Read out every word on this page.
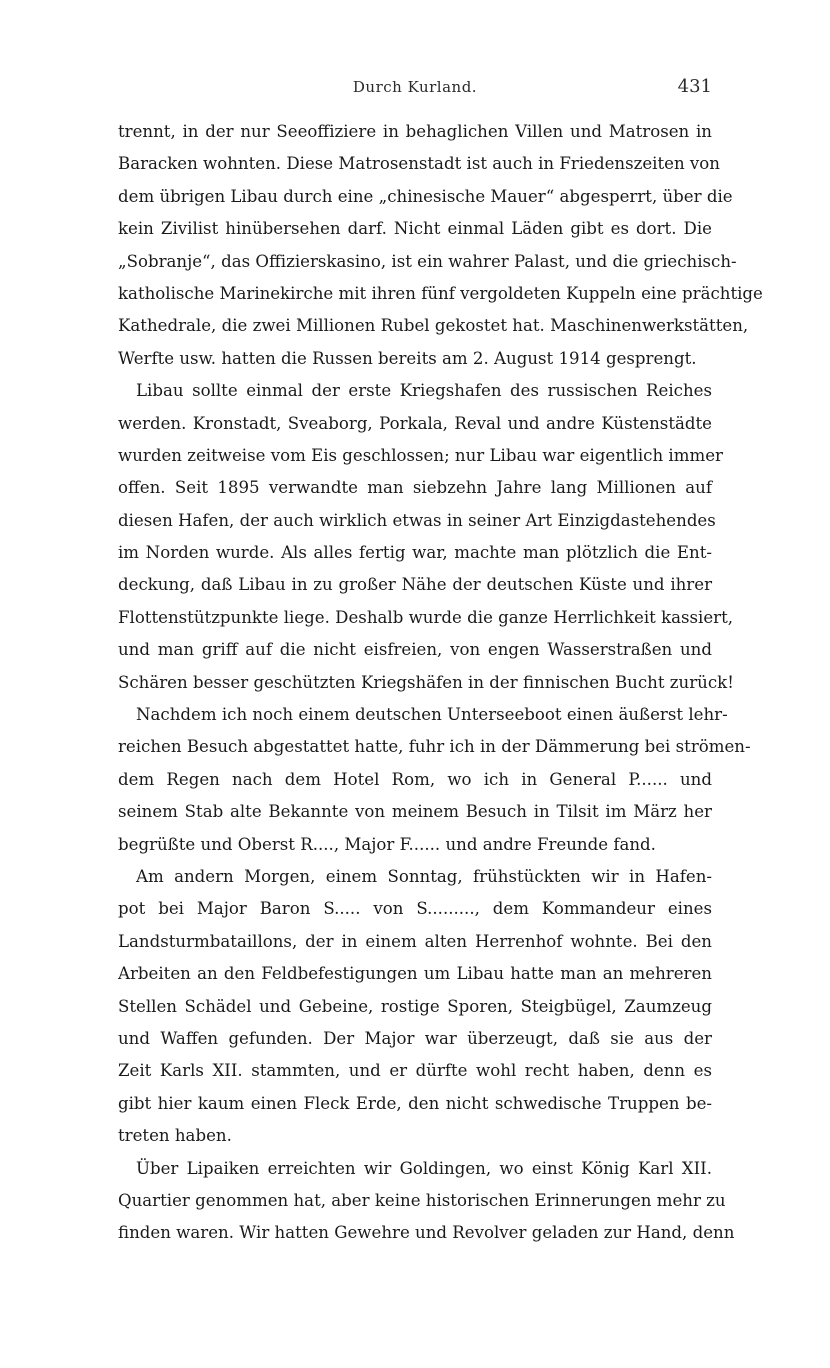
Durch Kurland.	431
trennt, in der nur Seeoffiziere in behaglichen Villen und Matrosen in
Baracken wohnten. Diese Matrosenstadt ist auch in Friedenszeiten von
dem übrigen Libau durch eine „chinesische Mauer“ abgesperrt, über die
kein Zivilist hinübersehen darf. Nicht einmal Läden gibt es dort. Die
„Sobranje“, das Offizierskasino, ist ein wahrer Palast, und die griechisch-
katholische Marinekirche mit ihren fünf vergoldeten Kuppeln eine prächtige
Kathedrale, die zwei Millionen Rubel gekostet hat. Maschinenwerkstätten,
Werfte usw. hatten die Russen bereits am 2. August 1914 gesprengt.
Libau sollte einmal der erste Kriegshafen des russischen Reiches
werden. Kronstadt, Sveaborg, Porkala, Reval und andre Küstenstädte
wurden zeitweise vom Eis geschlossen; nur Libau war eigentlich immer
offen. Seit 1895 verwandte man siebzehn Jahre lang Millionen auf
diesen Hafen, der auch wirklich etwas in seiner Art Einzigdastehendes
im Norden wurde. Als alles fertig war, machte man plötzlich die Ent-
deckung, daß Libau in zu großer Nähe der deutschen Küste und ihrer
Flottenstützpunkte liege. Deshalb wurde die ganze Herrlichkeit kassiert,
und man griff auf die nicht eisfreien, von engen Wasserstraßen und
Schären besser geschützten Kriegshäfen in der finnischen Bucht zurück!
Nachdem ich noch einem deutschen Unterseeboot einen äußerst lehr-
reichen Besuch abgestattet hatte, fuhr ich in der Dämmerung bei strömen-
dem Regen nach dem Hotel Rom, wo ich in General P...... und
seinem Stab alte Bekannte von meinem Besuch in Tilsit im März her
begrüßte und Oberst R...., Major F...... und andre Freunde fand.
Am andern Morgen, einem Sonntag, frühstückten wir in Hafen-
pot bei Major Baron S..... von S........., dem Kommandeur eines
Landsturmbataillons, der in einem alten Herrenhof wohnte. Bei den
Arbeiten an den Feldbefestigungen um Libau hatte man an mehreren
Stellen Schädel und Gebeine, rostige Sporen, Steigbügel, Zaumzeug
und Waffen gefunden. Der Major war überzeugt, daß sie aus der
Zeit Karls XII. stammten, und er dürfte wohl recht haben, denn es
gibt hier kaum einen Fleck Erde, den nicht schwedische Truppen be-
treten haben.
Über Lipaiken erreichten wir Goldingen, wo einst König Karl XII.
Quartier genommen hat, aber keine historischen Erinnerungen mehr zu
finden waren. Wir hatten Gewehre und Revolver geladen zur Hand, denn
